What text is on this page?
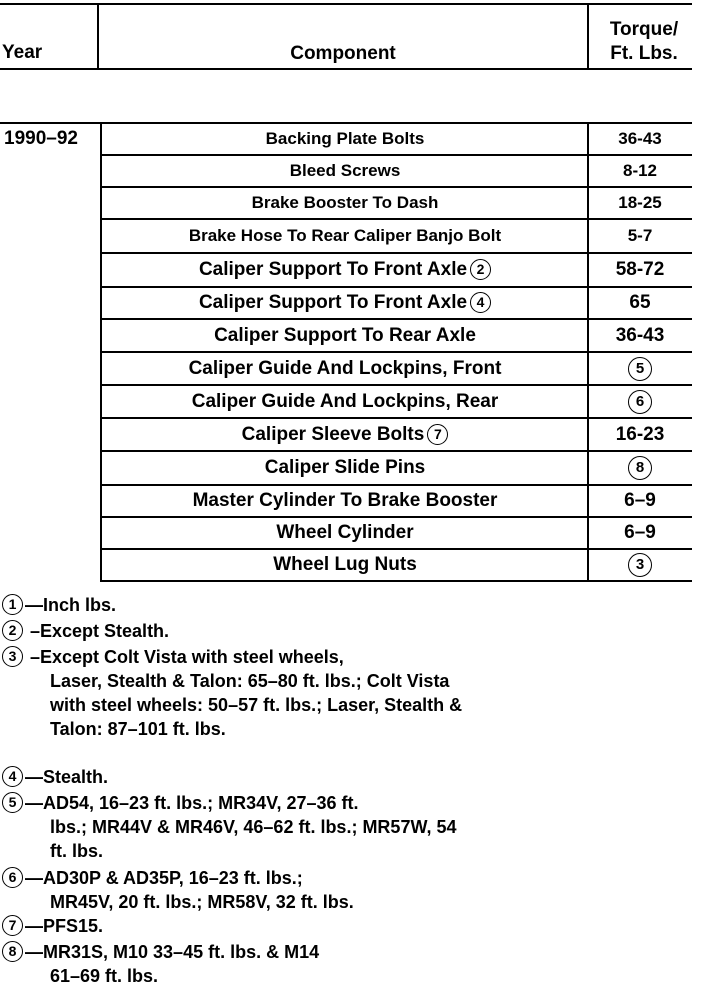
Year	Component
Torque/
Ft. Lbs.
1990–92	Backing Plate Bolts	36-43
Bleed Screws	8-12
Brake Booster To Dash	18-25
Brake Hose To Rear Caliper Banjo Bolt	5-7
Caliper Support To Front Axle 2	58-72
Caliper Support To Front Axle 4	65
Caliper Support To Rear Axle	36-43
Caliper Guide And Lockpins, Front	5
Caliper Guide And Lockpins, Rear	6
Caliper Sleeve Bolts 7	16-23
Caliper Slide Pins	8
Master Cylinder To Brake Booster	6–9
Wheel Cylinder	6–9
Wheel Lug Nuts	3
1 —Inch lbs.
2 –Except Stealth.
3 –Except Colt Vista with steel wheels,
Laser, Stealth & Talon: 65–80 ft. lbs.; Colt Vista with steel wheels: 50–57 ft. lbs.; Laser, Stealth & Talon: 87–101 ft. lbs.
4 —Stealth.
5 —AD54, 16–23 ft. lbs.; MR34V, 27–36 ft.
lbs.; MR44V & MR46V, 46–62 ft. lbs.; MR57W, 54 ft. lbs.
6 —AD30P & AD35P, 16–23 ft. lbs.;
MR45V, 20 ft. lbs.; MR58V, 32 ft. lbs.
7 —PFS15.
8 —MR31S, M10 33–45 ft. lbs. & M14
61–69 ft. lbs.
